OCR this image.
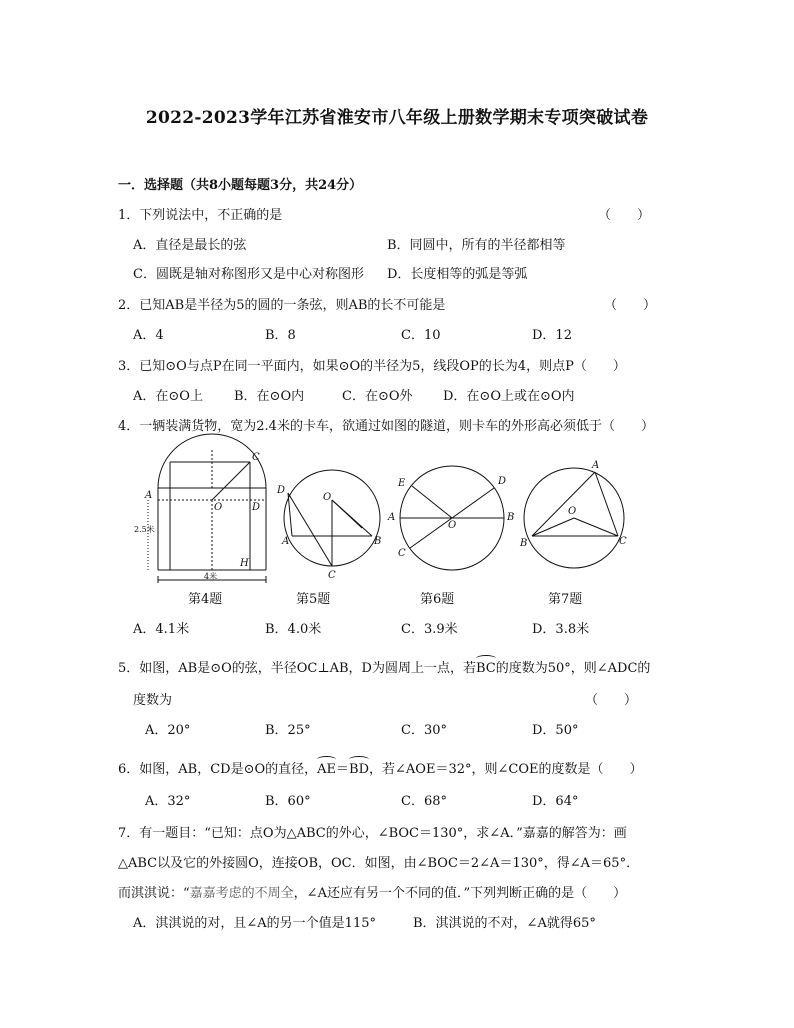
2022-2023学年江苏省淮安市八年级上册数学期末专项突破试卷
一．选择题（共8小题每题3分，共24分）
1．下列说法中，不正确的是	（　　）
A．直径是最长的弦	B．同圆中，所有的半径都相等
C．圆既是轴对称图形又是中心对称图形 D．长度相等的弧是等弧
2．已知AB是半径为5的圆的一条弦，则AB的长不可能是	（　　）
A．4	B．8	C．10	D．12
3．已知⊙O与点P在同一平面内，如果⊙O的半径为5，线段OP的长为4，则点P（　　）
A．在⊙O上 B．在⊙O内	C．在⊙O外 D．在⊙O上或在⊙O内
4．一辆装满货物，宽为2.4米的卡车，欲通过如图的隧道，则卡车的外形高必须低于（　　）
A
O
C
D
H
2.5米
4米
D
O
A	B
C
E	D
A
O
B
C
A
O
B	C
第4题	第5题	第6题	第7题
A．4.1米	B．4.0米	C．3.9米	D．3.8米
5．如图，AB是⊙O的弦，半径OC⊥AB，D为圆周上一点，若BC的度数为50°，则∠ADC的
度数为	（　　）
A．20°	B．25°	C．30°	D．50°
6．如图，AB，CD是⊙O的直径，AE＝BD，若∠AOE＝32°，则∠COE的度数是（　　）
A．32°	B．60°	C．68°	D．64°
7．有一题目：“已知：点O为△ABC的外心，∠BOC＝130°，求∠A．”嘉嘉的解答为：画
△ABC以及它的外接圆O，连接OB，OC．如图，由∠BOC＝2∠A＝130°，得∠A＝65°．
而淇淇说：“嘉嘉考虑的不周全，∠A还应有另一个不同的值．”下列判断正确的是（　　）
A．淇淇说的对，且∠A的另一个值是115°	B．淇淇说的不对，∠A就得65°
